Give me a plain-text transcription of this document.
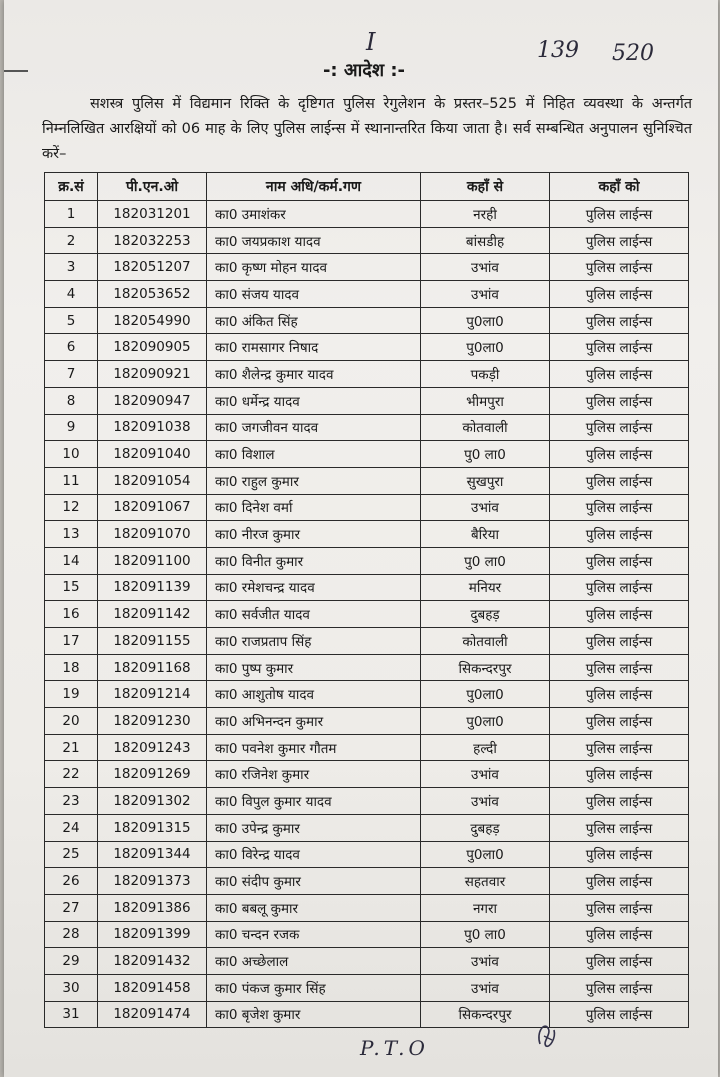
I	139 520
-: आदेश :-
सशस्त्र पुलिस में विद्यमान रिक्ति के दृष्टिगत पुलिस रेगुलेशन के प्रस्तर–525 में निहित व्यवस्था के अन्तर्गत निम्नलिखित आरक्षियों को 06 माह के लिए पुलिस लाईन्स में स्थानान्तरित किया जाता है। सर्व सम्बन्धित अनुपालन सुनिश्चित करें–
क्र.सं	पी.एन.ओ	नाम अधि/कर्म.गण	कहाँ से	कहाँ को
1	182031201	का0 उमाशंकर	नरही	पुलिस लाईन्स
2	182032253	का0 जयप्रकाश यादव	बांसडीह	पुलिस लाईन्स
3	182051207	का0 कृष्ण मोहन यादव	उभांव	पुलिस लाईन्स
4	182053652	का0 संजय यादव	उभांव	पुलिस लाईन्स
5	182054990	का0 अंकित सिंह	पु0ला0	पुलिस लाईन्स
6	182090905	का0 रामसागर निषाद	पु0ला0	पुलिस लाईन्स
7	182090921	का0 शैलेन्द्र कुमार यादव	पकड़ी	पुलिस लाईन्स
8	182090947	का0 धर्मेन्द्र यादव	भीमपुरा	पुलिस लाईन्स
9	182091038	का0 जगजीवन यादव	कोतवाली	पुलिस लाईन्स
10	182091040	का0 विशाल	पु0 ला0	पुलिस लाईन्स
11	182091054	का0 राहुल कुमार	सुखपुरा	पुलिस लाईन्स
12	182091067	का0 दिनेश वर्मा	उभांव	पुलिस लाईन्स
13	182091070	का0 नीरज कुमार	बैरिया	पुलिस लाईन्स
14	182091100	का0 विनीत कुमार	पु0 ला0	पुलिस लाईन्स
15	182091139	का0 रमेशचन्द्र यादव	मनियर	पुलिस लाईन्स
16	182091142	का0 सर्वजीत यादव	दुबहड़	पुलिस लाईन्स
17	182091155	का0 राजप्रताप सिंह	कोतवाली	पुलिस लाईन्स
18	182091168	का0 पुष्प कुमार	सिकन्दरपुर	पुलिस लाईन्स
19	182091214	का0 आशुतोष यादव	पु0ला0	पुलिस लाईन्स
20	182091230	का0 अभिनन्दन कुमार	पु0ला0	पुलिस लाईन्स
21	182091243	का0 पवनेश कुमार गौतम	हल्दी	पुलिस लाईन्स
22	182091269	का0 रजिनेश कुमार	उभांव	पुलिस लाईन्स
23	182091302	का0 विपुल कुमार यादव	उभांव	पुलिस लाईन्स
24	182091315	का0 उपेन्द्र कुमार	दुबहड़	पुलिस लाईन्स
25	182091344	का0 विरेन्द्र यादव	पु0ला0	पुलिस लाईन्स
26	182091373	का0 संदीप कुमार	सहतवार	पुलिस लाईन्स
27	182091386	का0 बबलू कुमार	नगरा	पुलिस लाईन्स
28	182091399	का0 चन्दन रजक	पु0 ला0	पुलिस लाईन्स
29	182091432	का0 अच्छेलाल	उभांव	पुलिस लाईन्स
30	182091458	का0 पंकज कुमार सिंह	उभांव	पुलिस लाईन्स
31	182091474	का0 बृजेश कुमार	सिकन्दरपुर	पुलिस लाईन्स
P.T.O
